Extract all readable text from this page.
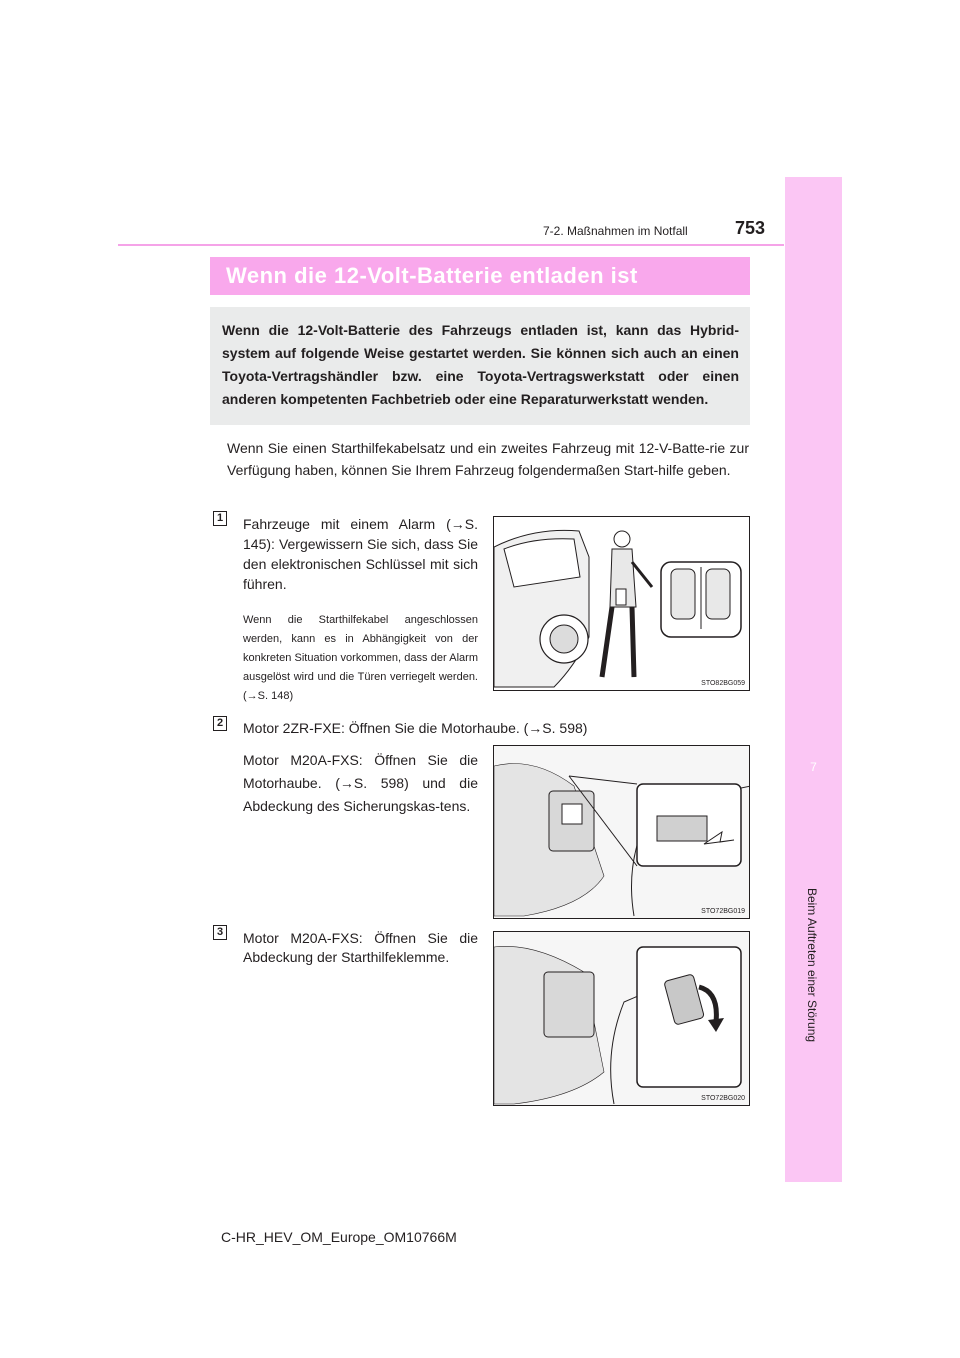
7
Beim Auftreten einer Störung
7-2. Maßnahmen im Notfall	753
Wenn die 12-Volt-Batterie entladen ist

Wenn die 12-Volt-Batterie des Fahrzeugs entladen ist, kann das Hybrid-system auf folgende Weise gestartet werden. Sie können sich auch an einen Toyota-Vertragshändler bzw. eine Toyota-Vertragswerkstatt oder einen anderen kompetenten Fachbetrieb oder eine Reparaturwerkstatt wenden.

Wenn Sie einen Starthilfekabelsatz und ein zweites Fahrzeug mit 12-V-Batte-rie zur Verfügung haben, können Sie Ihrem Fahrzeug folgendermaßen Start-hilfe geben.

1 Fahrzeuge mit einem Alarm (→S. 145): Vergewissern Sie sich, dass Sie den elektronischen Schlüssel mit sich führen.

Wenn die Starthilfekabel angeschlossen werden, kann es in Abhängigkeit von der konkreten Situation vorkommen, dass der Alarm ausgelöst wird und die Türen verriegelt werden. (→S. 148)

STO82BG059
2 Motor 2ZR-FXE: Öffnen Sie die Motorhaube. (→S. 598)

Motor M20A-FXS: Öffnen Sie die Motorhaube. (→S. 598) und die Abdeckung des Sicherungskas-tens.

STO72BG019
3 Motor M20A-FXS: Öffnen Sie die Abdeckung der Starthilfeklemme.

STO72BG020
C-HR_HEV_OM_Europe_OM10766M
